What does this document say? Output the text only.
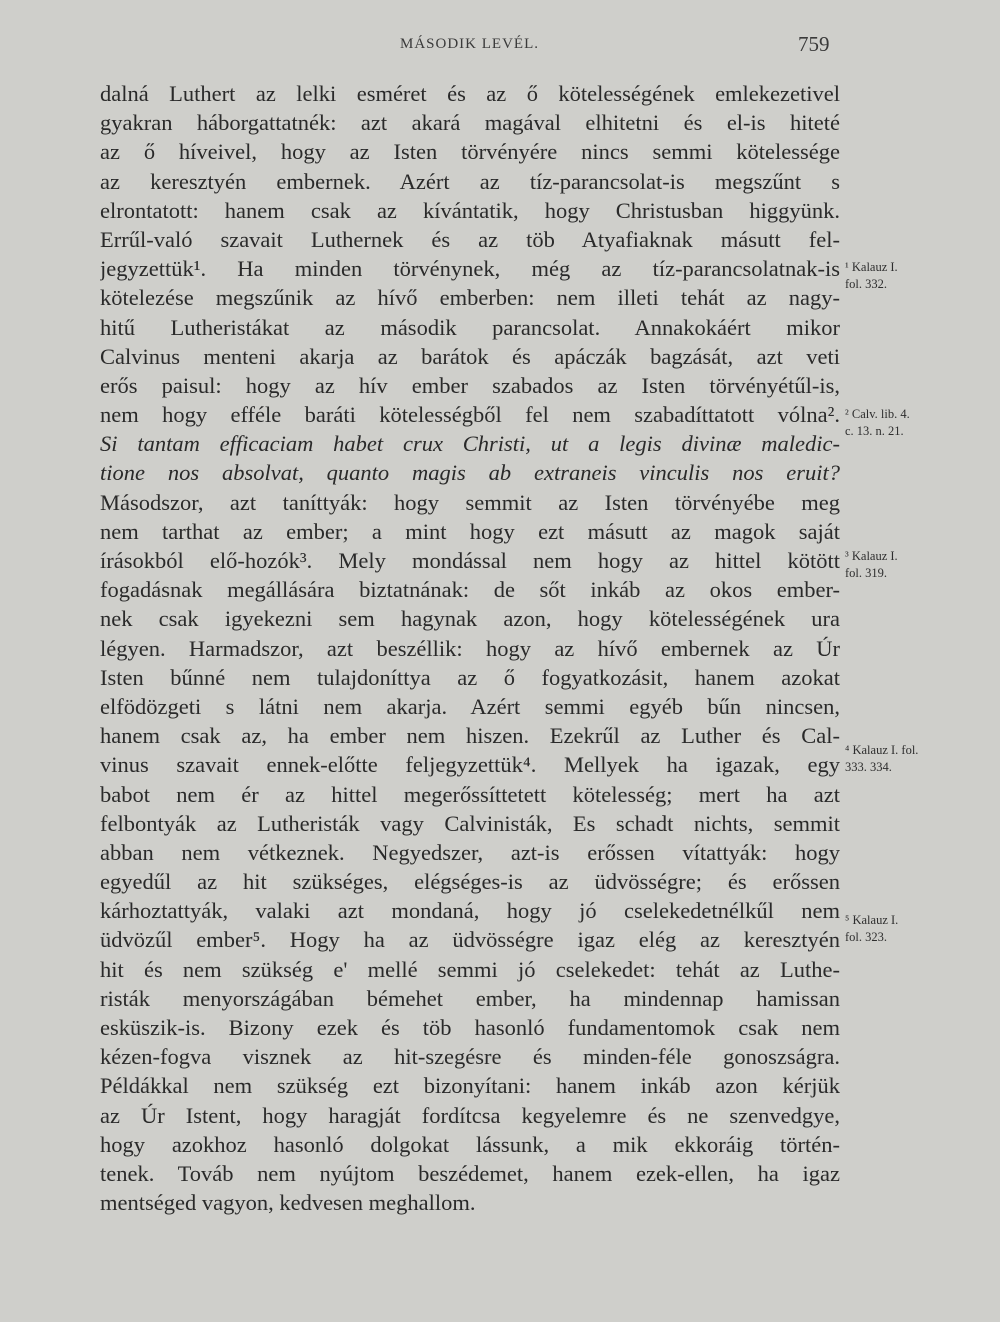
MÁSODIK LEVÉL.	759
dalná Luthert az lelki esméret és az ő kötelességének emlekezetivel
gyakran háborgattatnék: azt akará magával elhitetni és el-is hiteté
az ő híveivel, hogy az Isten törvényére nincs semmi kötelessége
az keresztyén embernek. Azért az tíz-parancsolat-is megszűnt s
elrontatott: hanem csak az kívántatik, hogy Christusban higgyünk.
Errűl-való szavait Luthernek és az töb Atyafiaknak másutt fel-
jegyzettük¹. Ha minden törvénynek, még az tíz-parancsolatnak-is
kötelezése megszűnik az hívő emberben: nem illeti tehát az nagy-
hitű Lutheristákat az második parancsolat. Annakokáért mikor
Calvinus menteni akarja az barátok és apáczák bagzását, azt veti
erős paisul: hogy az hív ember szabados az Isten törvényétűl-is,
nem hogy efféle baráti kötelességből fel nem szabadíttatott vólna².
Si tantam efficaciam habet crux Christi, ut a legis divinæ maledic-
tione nos absolvat, quanto magis ab extraneis vinculis nos eruit?
Másodszor, azt taníttyák: hogy semmit az Isten törvényébe meg
nem tarthat az ember; a mint hogy ezt másutt az magok saját
írásokból elő-hozók³. Mely mondással nem hogy az hittel kötött
fogadásnak megállására biztatnának: de sőt inkáb az okos ember-
nek csak igyekezni sem hagynak azon, hogy kötelességének ura
légyen. Harmadszor, azt beszéllik: hogy az hívő embernek az Úr
Isten bűnné nem tulajdoníttya az ő fogyatkozásit, hanem azokat
elfödözgeti s látni nem akarja. Azért semmi egyéb bűn nincsen,
hanem csak az, ha ember nem hiszen. Ezekrűl az Luther és Cal-
vinus szavait ennek-előtte feljegyzettük⁴. Mellyek ha igazak, egy
babot nem ér az hittel megerőssíttetett kötelesség; mert ha azt
felbontyák az Lutheristák vagy Calvinisták, Es schadt nichts, semmit
abban nem vétkeznek. Negyedszer, azt-is erőssen vítattyák: hogy
egyedűl az hit szükséges, elégséges-is az üdvösségre; és erőssen
kárhoztattyák, valaki azt mondaná, hogy jó cselekedetnélkűl nem
üdvözűl ember⁵. Hogy ha az üdvösségre igaz elég az keresztyén
hit és nem szükség e' mellé semmi jó cselekedet: tehát az Luthe-
risták menyországában bémehet ember, ha mindennap hamissan
esküszik-is. Bizony ezek és töb hasonló fundamentomok csak nem
kézen-fogva visznek az hit-szegésre és minden-féle gonoszságra.
Példákkal nem szükség ezt bizonyítani: hanem inkáb azon kérjük
az Úr Istent, hogy haragját fordítcsa kegyelemre és ne szenvedgye,
hogy azokhoz hasonló dolgokat lássunk, a mik ekkoráig történ-
tenek. Továb nem nyújtom beszédemet, hanem ezek-ellen, ha igaz
mentséged vagyon, kedvesen meghallom.
¹ Kalauz I.
fol. 332.
² Calv. lib. 4.
c. 13. n. 21.
³ Kalauz I.
fol. 319.
⁴ Kalauz I. fol.
333. 334.
⁵ Kalauz I.
fol. 323.
